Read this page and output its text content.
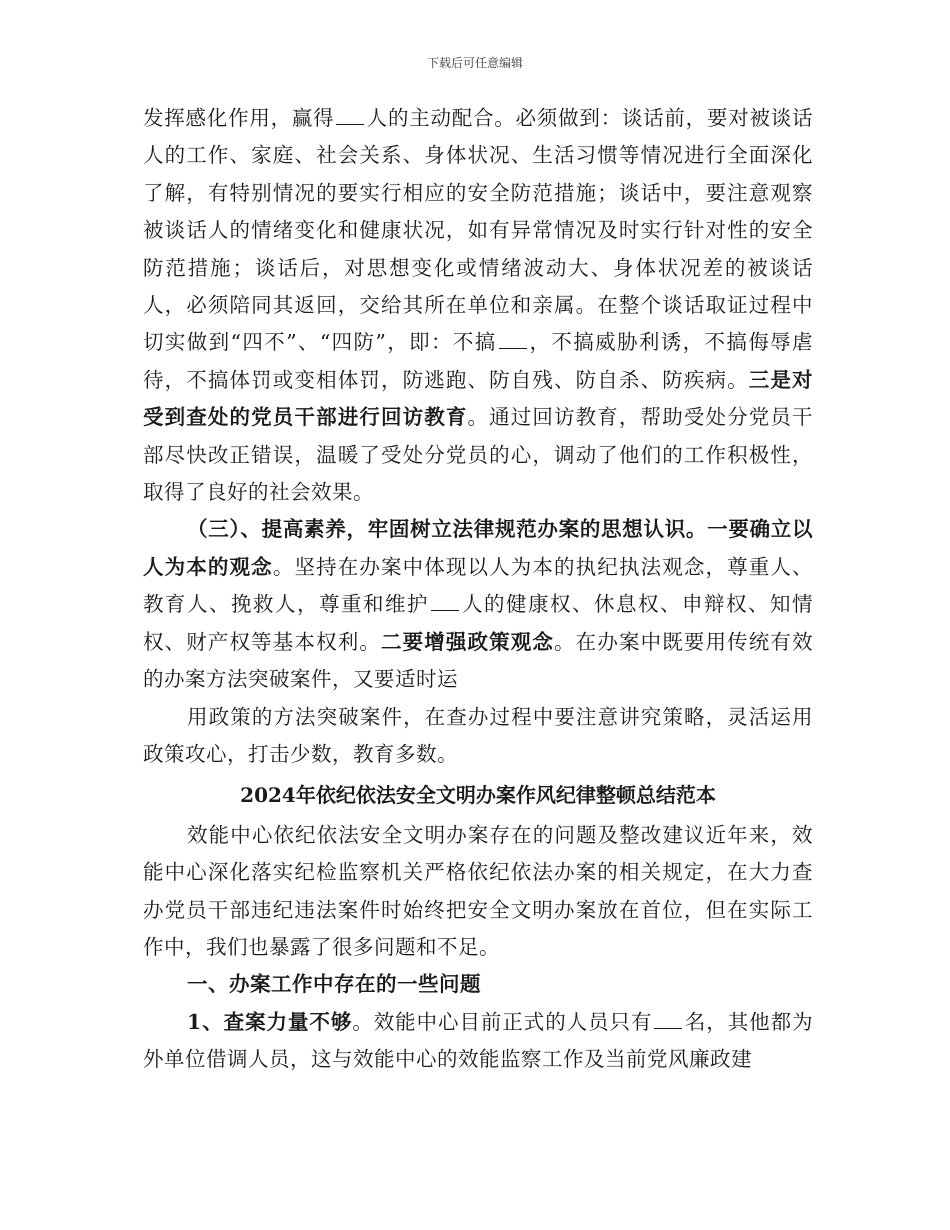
下载后可任意编辑

发挥感化作用，赢得 人的主动配合。必须做到：谈话前，要对被谈话人的工作、家庭、社会关系、身体状况、生活习惯等情况进行全面深化了解，有特别情况的要实行相应的安全防范措施；谈话中，要注意观察被谈话人的情绪变化和健康状况，如有异常情况及时实行针对性的安全防范措施；谈话后，对思想变化或情绪波动大、身体状况差的被谈话人，必须陪同其返回，交给其所在单位和亲属。在整个谈话取证过程中切实做到“四不”、“四防”，即：不搞 ，不搞威胁利诱，不搞侮辱虐待，不搞体罚或变相体罚，防逃跑、防自残、防自杀、防疾病。三是对受到查处的党员干部进行回访教育。通过回访教育，帮助受处分党员干部尽快改正错误，温暖了受处分党员的心，调动了他们的工作积极性，取得了良好的社会效果。

（三）、提高素养，牢固树立法律规范办案的思想认识。一要确立以人为本的观念。坚持在办案中体现以人为本的执纪执法观念，尊重人、教育人、挽救人，尊重和维护 人的健康权、休息权、申辩权、知情权、财产权等基本权利。二要增强政策观念。在办案中既要用传统有效的办案方法突破案件，又要适时运

用政策的方法突破案件，在查办过程中要注意讲究策略，灵活运用政策攻心，打击少数，教育多数。

2024年依纪依法安全文明办案作风纪律整顿总结范本

效能中心依纪依法安全文明办案存在的问题及整改建议近年来，效能中心深化落实纪检监察机关严格依纪依法办案的相关规定，在大力查办党员干部违纪违法案件时始终把安全文明办案放在首位，但在实际工作中，我们也暴露了很多问题和不足。

一、办案工作中存在的一些问题

1、查案力量不够。效能中心目前正式的人员只有 名，其他都为外单位借调人员，这与效能中心的效能监察工作及当前党风廉政建
